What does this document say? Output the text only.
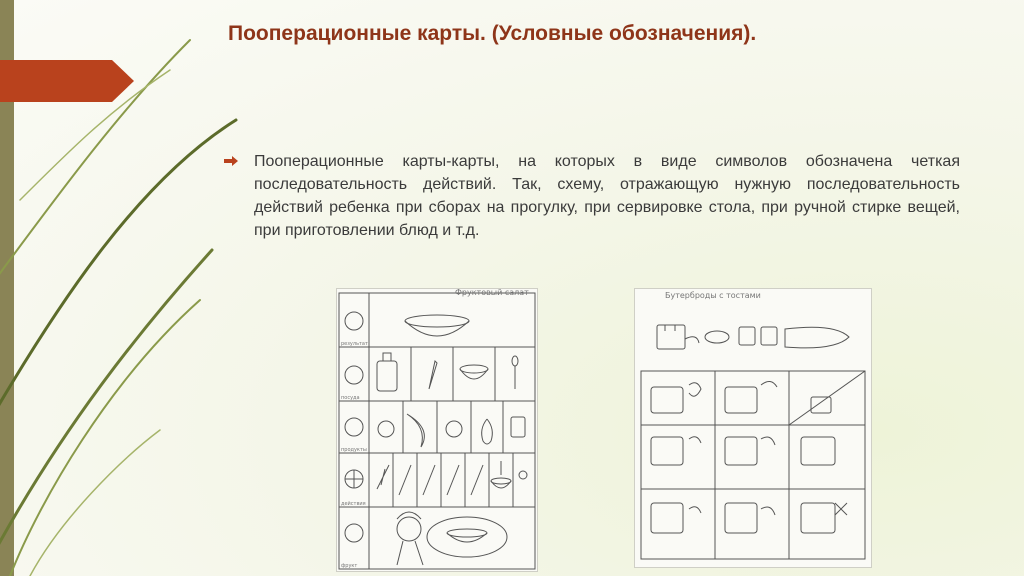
Пооперационные карты. (Условные обозначения).

Пооперационные карты-карты, на которых в виде символов обозначена четкая последовательность действий. Так, схему, отражающую нужную последовательность действий ребенка при сборах на прогулку, при сервировке стола, при ручной стирке вещей, при приготовлении блюд и т.д.

результат
посуда
продукты
действия
фрукт
Фруктовый салат	Бутерброды с тостами
